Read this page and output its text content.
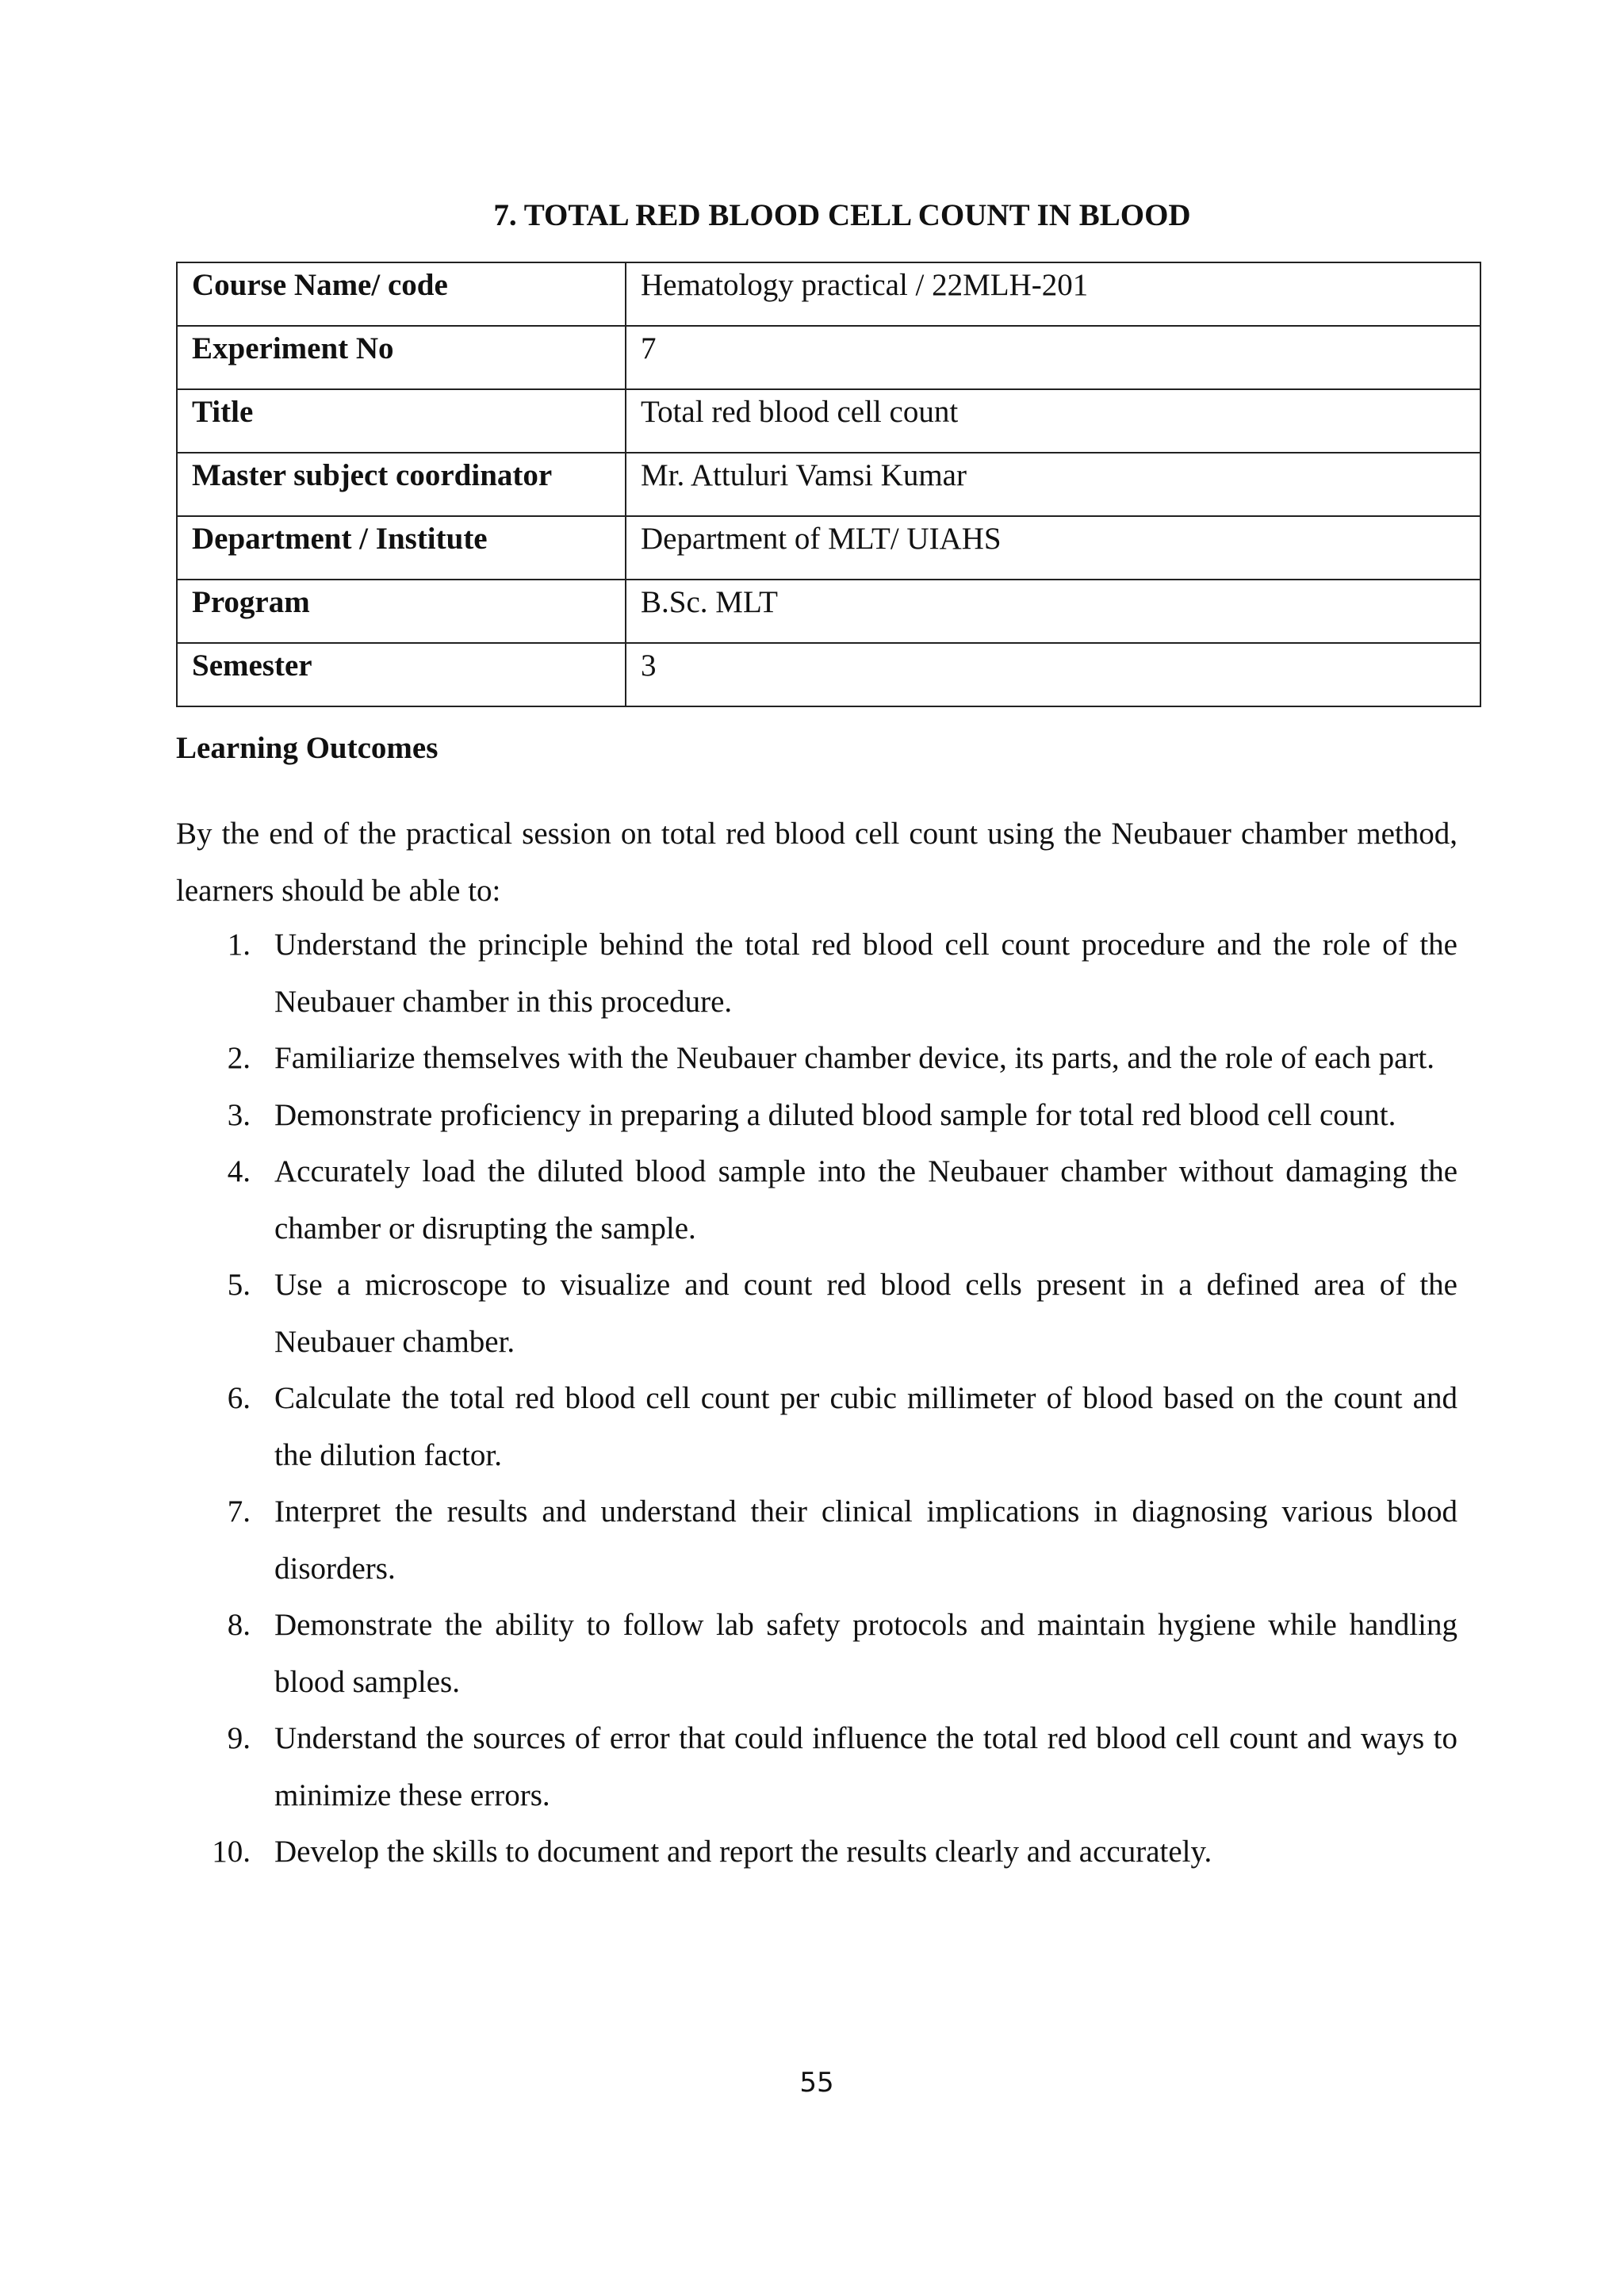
7. TOTAL RED BLOOD CELL COUNT IN BLOOD
Course Name/ code	Hematology practical / 22MLH-201
Experiment No	7
Title	Total red blood cell count
Master subject coordinator	Mr. Attuluri Vamsi Kumar
Department / Institute	Department of MLT/ UIAHS
Program	B.Sc. MLT
Semester	3
Learning Outcomes

By the end of the practical session on total red blood cell count using the Neubauer chamber method, learners should be able to:

1. Understand the principle behind the total red blood cell count procedure and the role of the Neubauer chamber in this procedure.
2. Familiarize themselves with the Neubauer chamber device, its parts, and the role of each part.
3. Demonstrate proficiency in preparing a diluted blood sample for total red blood cell count.
4. Accurately load the diluted blood sample into the Neubauer chamber without damaging the chamber or disrupting the sample.
5. Use a microscope to visualize and count red blood cells present in a defined area of the Neubauer chamber.
6. Calculate the total red blood cell count per cubic millimeter of blood based on the count and the dilution factor.
7. Interpret the results and understand their clinical implications in diagnosing various blood disorders.
8. Demonstrate the ability to follow lab safety protocols and maintain hygiene while handling blood samples.
9. Understand the sources of error that could influence the total red blood cell count and ways to minimize these errors.
10. Develop the skills to document and report the results clearly and accurately.
55
